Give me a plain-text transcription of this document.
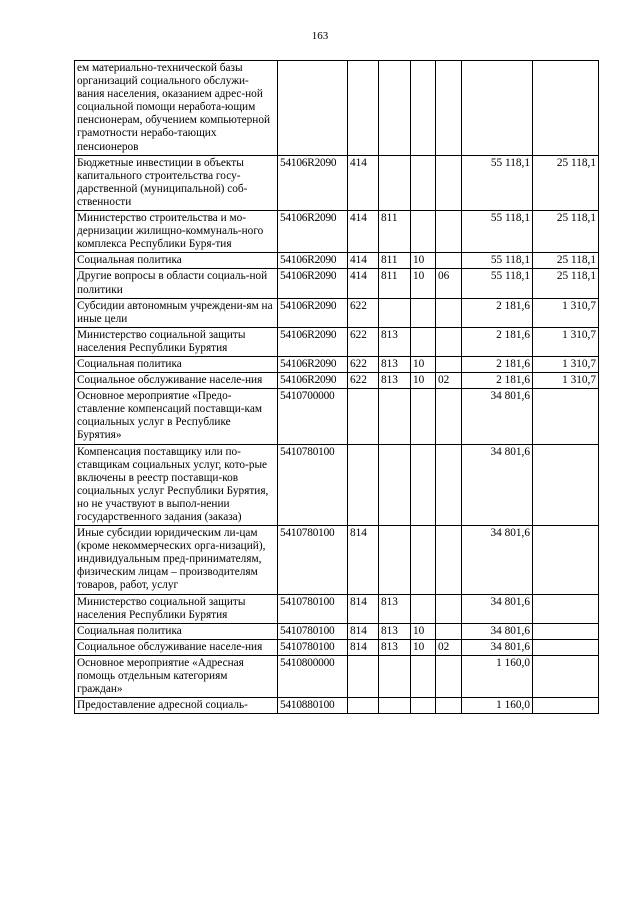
163
ем материально-технической базы организаций социального обслужи-вания населения, оказанием адрес-ной социальной помощи неработа-ющим пенсионерам, обучением компьютерной грамотности нерабо-тающих пенсионеров							
Бюджетные инвестиции в объекты капитального строительства госу-дарственной (муниципальной) соб-ственности	54106R2090	414				55 118,1	25 118,1
Министерство строительства и мо-дернизации жилищно-коммуналь-ного комплекса Республики Буря-тия	54106R2090	414	811			55 118,1	25 118,1
Социальная политика	54106R2090	414	811	10		55 118,1	25 118,1
Другие вопросы в области социаль-ной политики	54106R2090	414	811	10	06	55 118,1	25 118,1
Субсидии автономным учреждени-ям на иные цели	54106R2090	622				2 181,6	1 310,7
Министерство социальной защиты населения Республики Бурятия	54106R2090	622	813			2 181,6	1 310,7
Социальная политика	54106R2090	622	813	10		2 181,6	1 310,7
Социальное обслуживание населе-ния	54106R2090	622	813	10	02	2 181,6	1 310,7
Основное мероприятие «Предо-ставление компенсаций поставщи-кам социальных услуг в Республике Бурятия»	5410700000					34 801,6	
Компенсация поставщику или по-ставщикам социальных услуг, кото-рые включены в реестр поставщи-ков социальных услуг Республики Бурятия, но не участвуют в выпол-нении государственного задания (заказа)	5410780100					34 801,6	
Иные субсидии юридическим ли-цам (кроме некоммерческих орга-низаций), индивидуальным пред-принимателям, физическим лицам – производителям товаров, работ, услуг	5410780100	814				34 801,6	
Министерство социальной защиты населения Республики Бурятия	5410780100	814	813			34 801,6	
Социальная политика	5410780100	814	813	10		34 801,6	
Социальное обслуживание населе-ния	5410780100	814	813	10	02	34 801,6	
Основное мероприятие «Адресная помощь отдельным категориям граждан»	5410800000					1 160,0	
Предоставление адресной социаль-	5410880100					1 160,0	
